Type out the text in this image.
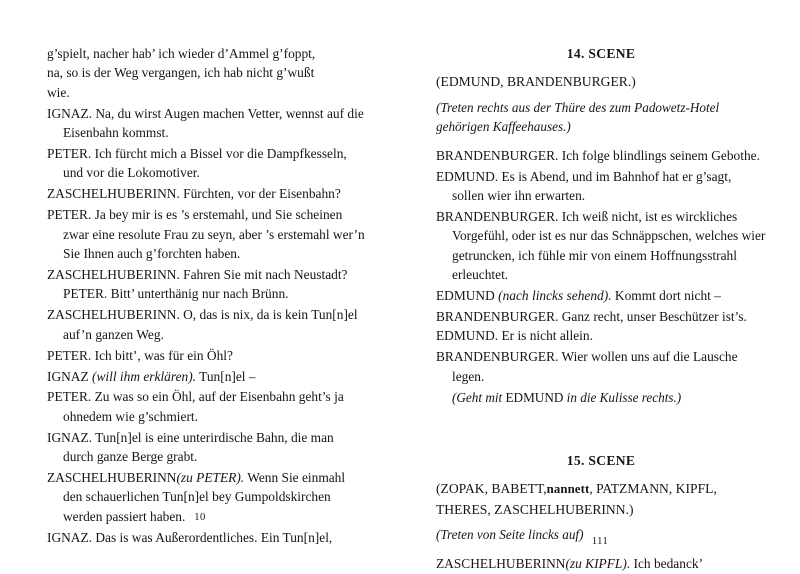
g’spielt, nacher hab’ ich wieder d’Ammel g’foppt,
na, so is der Weg vergangen, ich hab nicht g’wußt
wie.

IGNAZ. Na, du wirst Augen machen Vetter, wennst auf die Eisenbahn kommst.

PETER. Ich fürcht mich a Bissel vor die Dampfkesseln, und vor die Lokomotiver.

ZASCHELHUBERINN. Fürchten, vor der Eisenbahn?

PETER. Ja bey mir is es ’s erstemahl, und Sie scheinen zwar eine resolute Frau zu seyn, aber ’s erstemahl wer’n Sie Ihnen auch g’forchten haben.

ZASCHELHUBERINN. Fahren Sie mit nach Neustadt? PETER. Bitt’ unterthänig nur nach Brünn.

ZASCHELHUBERINN. O, das is nix, da is kein Tun[n]el auf’n ganzen Weg.

PETER. Ich bitt’, was für ein Öhl?

IGNAZ (will ihm erklären). Tun[n]el –

PETER. Zu was so ein Öhl, auf der Eisenbahn geht’s ja ohnedem wie g’schmiert.

IGNAZ. Tun[n]el is eine unterirdische Bahn, die man durch ganze Berge grabt.

ZASCHELHUBERINN(zu PETER). Wenn Sie einmahl den schauerlichen Tun[n]el bey Gumpoldskirchen werden passiert haben.

IGNAZ. Das is was Außerordentliches. Ein Tun[n]el,

10
14. SCENE

(EDMUND, BRANDENBURGER.)

(Treten rechts aus der Thüre des zum Padowetz-Hotel gehörigen Kaffeehauses.)

BRANDENBURGER. Ich folge blindlings seinem Gebothe.

EDMUND. Es is Abend, und im Bahnhof hat er g’sagt, sollen wier ihn erwarten.

BRANDENBURGER. Ich weiß nicht, ist es wirckliches Vorgefühl, oder ist es nur das Schnäppschen, welches wier getruncken, ich fühle mir von einem Hoffnungsstrahl erleuchtet.

EDMUND (nach lincks sehend). Kommt dort nicht –

BRANDENBURGER. Ganz recht, unser Beschützer ist’s. EDMUND. Er is nicht allein.

BRANDENBURGER. Wier wollen uns auf die Lausche legen.

(Geht mit EDMUND in die Kulisse rechts.)

15. SCENE

(ZOPAK, BABETT,nannett, PATZMANN, KIPFL, THERES, ZASCHELHUBERINN.)

(Treten von Seite lincks auf)

ZASCHELHUBERINN(zu KIPFL). Ich bedanck’

111
